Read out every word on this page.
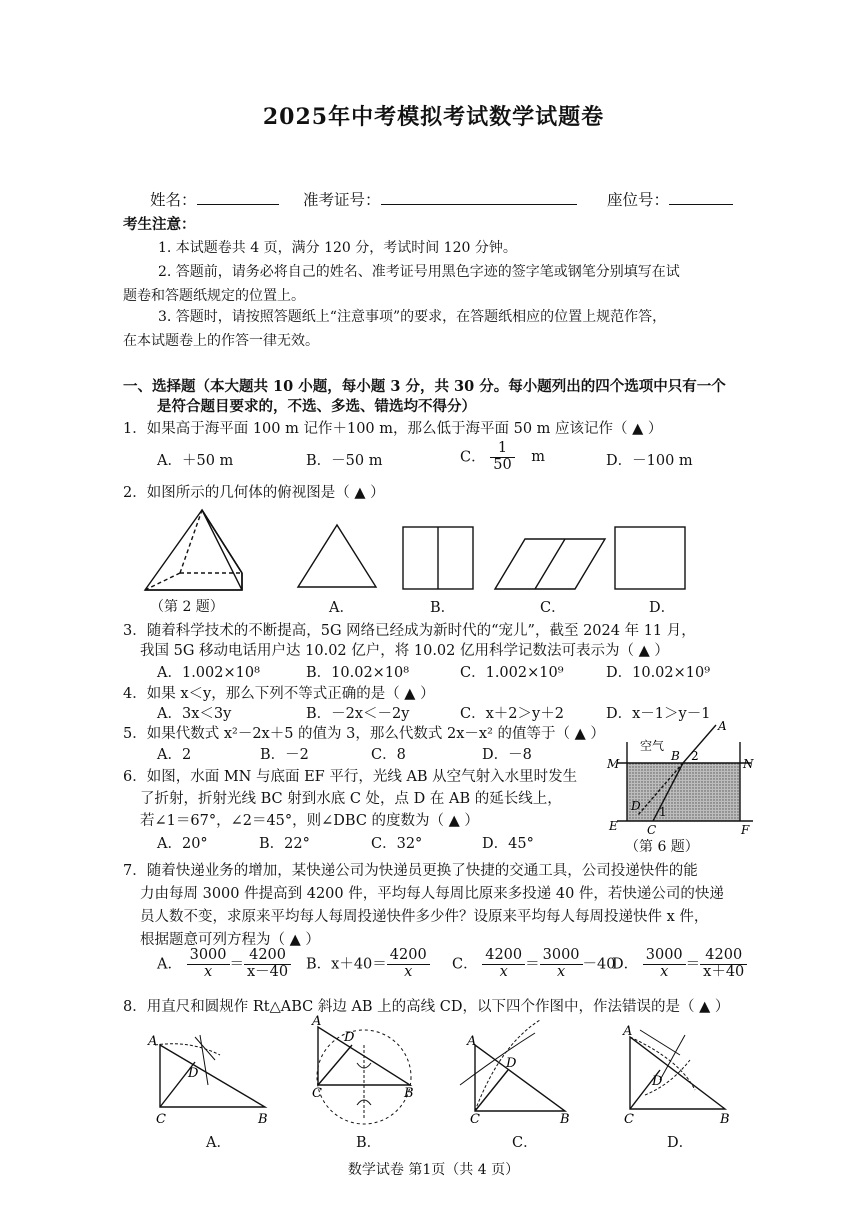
2025年中考模拟考试数学试题卷
姓名：	准考证号：	座位号：
考生注意：
1. 本试题卷共 4 页，满分 120 分，考试时间 120 分钟。
2. 答题前，请务必将自己的姓名、准考证号用黑色字迹的签字笔或钢笔分别填写在试
题卷和答题纸规定的位置上。
3. 答题时，请按照答题纸上“注意事项”的要求，在答题纸相应的位置上规范作答，
在本试题卷上的作答一律无效。
一、选择题（本大题共 10 小题，每小题 3 分，共 30 分。每小题列出的四个选项中只有一个
是符合题目要求的，不选、多选、错选均不得分）
1．如果高于海平面 100 m 记作＋100 m，那么低于海平面 50 m 应该记作（ ▲ ）
A．＋50 m	B．－50 m	C． $\frac{1}{50}$ m	D．－100 m
2．如图所示的几何体的俯视图是（ ▲ ）
（第 2 题）	A．	B．	C．	D．
3．随着科学技术的不断提高，5G 网络已经成为新时代的“宠儿”，截至 2024 年 11 月，
我国 5G 移动电话用户达 10.02 亿户，将 10.02 亿用科学记数法可表示为（ ▲ ）
A．1.002×10⁸	B．10.02×10⁸	C．1.002×10⁹	D．10.02×10⁹
4．如果 x＜y，那么下列不等式正确的是（ ▲ ）
A．3x＜3y	B．－2x＜－2y	C．x＋2＞y＋2	D．x－1＞y－1
5．如果代数式 x²－2x＋5 的值为 3，那么代数式 2x－x² 的值等于（ ▲ ）
A．2	B．－2	C．8	D．－8
6．如图，水面 MN 与底面 EF 平行，光线 AB 从空气射入水里时发生
了折射，折射光线 BC 射到水底 C 处，点 D 在 AB 的延长线上，
若∠1＝67°，∠2＝45°，则∠DBC 的度数为（ ▲ ）
A．20°	B．22°	C．32°	D．45°
空气
A
B 2
M	N
D 1
E C	F
（第 6 题）
7．随着快递业务的增加，某快递公司为快递员更换了快捷的交通工具，公司投递快件的能
力由每周 3000 件提高到 4200 件，平均每人每周比原来多投递 40 件，若快递公司的快递
员人数不变，求原来平均每人每周投递快件多少件？设原来平均每人每周投递快件 x 件，
根据题意可列方程为（ ▲ ）
A． $\frac{3000}{x} = \frac{4200}{x-40}$ B．$x+40= \frac{4200}{x}$ C． $\frac{4200}{x} = \frac{3000}{x} -40$
D． $\frac{3000}{x} = \frac{4200}{x+40}$
8．用直尺和圆规作 Rt△ABC 斜边 AB 上的高线 CD，以下四个作图中，作法错误的是（ ▲ ）
A
D
C	B
A
D
C	B
A
D
C	B
A
D
C	B
A．	B．	C．	D．
数学试卷 第1页（共 4 页）
